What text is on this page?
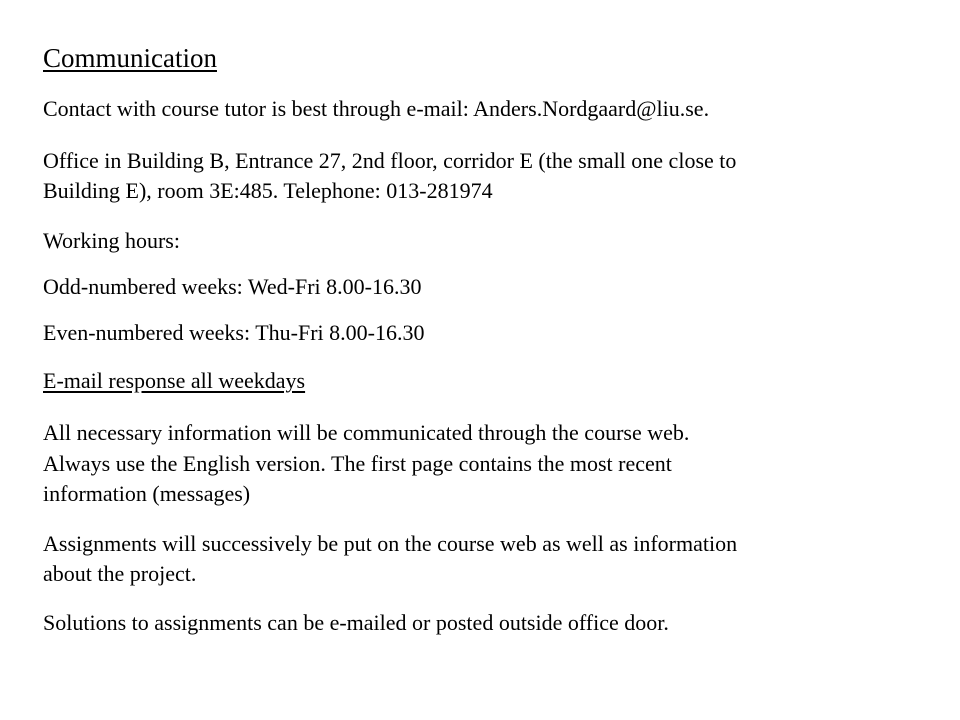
Communication
Contact with course tutor is best through e-mail: Anders.Nordgaard@liu.se.
Office in Building B, Entrance 27, 2nd floor, corridor E (the small one close to
Building E), room 3E:485. Telephone: 013-281974
Working hours:
Odd-numbered weeks: Wed-Fri 8.00-16.30
Even-numbered weeks: Thu-Fri 8.00-16.30
E-mail response all weekdays
All necessary information will be communicated through the course web.
Always use the English version. The first page contains the most recent
information (messages)
Assignments will successively be put on the course web as well as information
about the project.
Solutions to assignments can be e-mailed or posted outside office door.
